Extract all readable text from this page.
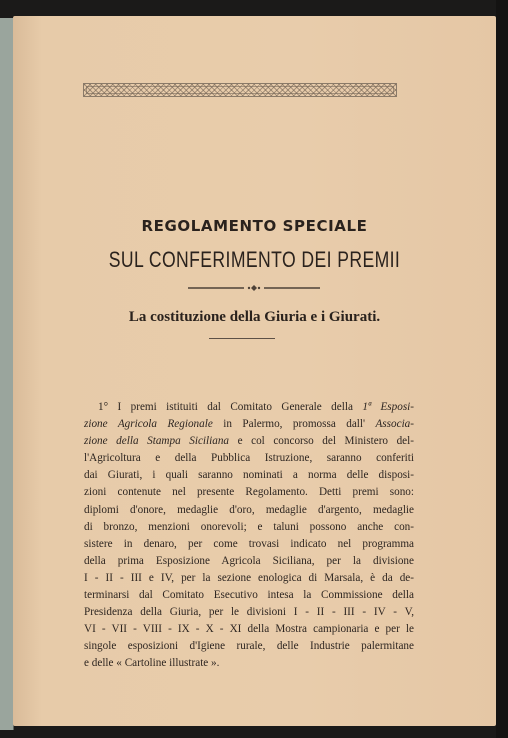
REGOLAMENTO SPECIALE
SUL CONFERIMENTO DEI PREMII
La costituzione della Giuria e i Giurati.
1° I premi istituiti dal Comitato Generale della 1ª Esposi-
zione Agricola Regionale in Palermo, promossa dall' Associa-
zione della Stampa Siciliana e col concorso del Ministero del-
l'Agricoltura e della Pubblica Istruzione, saranno conferiti
dai Giurati, i quali saranno nominati a norma delle disposi-
zioni contenute nel presente Regolamento. Detti premi sono:
diplomi d'onore, medaglie d'oro, medaglie d'argento, medaglie
di bronzo, menzioni onorevoli; e taluni possono anche con-
sistere in denaro, per come trovasi indicato nel programma
della prima Esposizione Agricola Siciliana, per la divisione
I - II - III e IV, per la sezione enologica di Marsala, è da de-
terminarsi dal Comitato Esecutivo intesa la Commissione della
Presidenza della Giuria, per le divisioni I - II - III - IV - V,
VI - VII - VIII - IX - X - XI della Mostra campionaria e per le
singole esposizioni d'Igiene rurale, delle Industrie palermitane
e delle « Cartoline illustrate ».
